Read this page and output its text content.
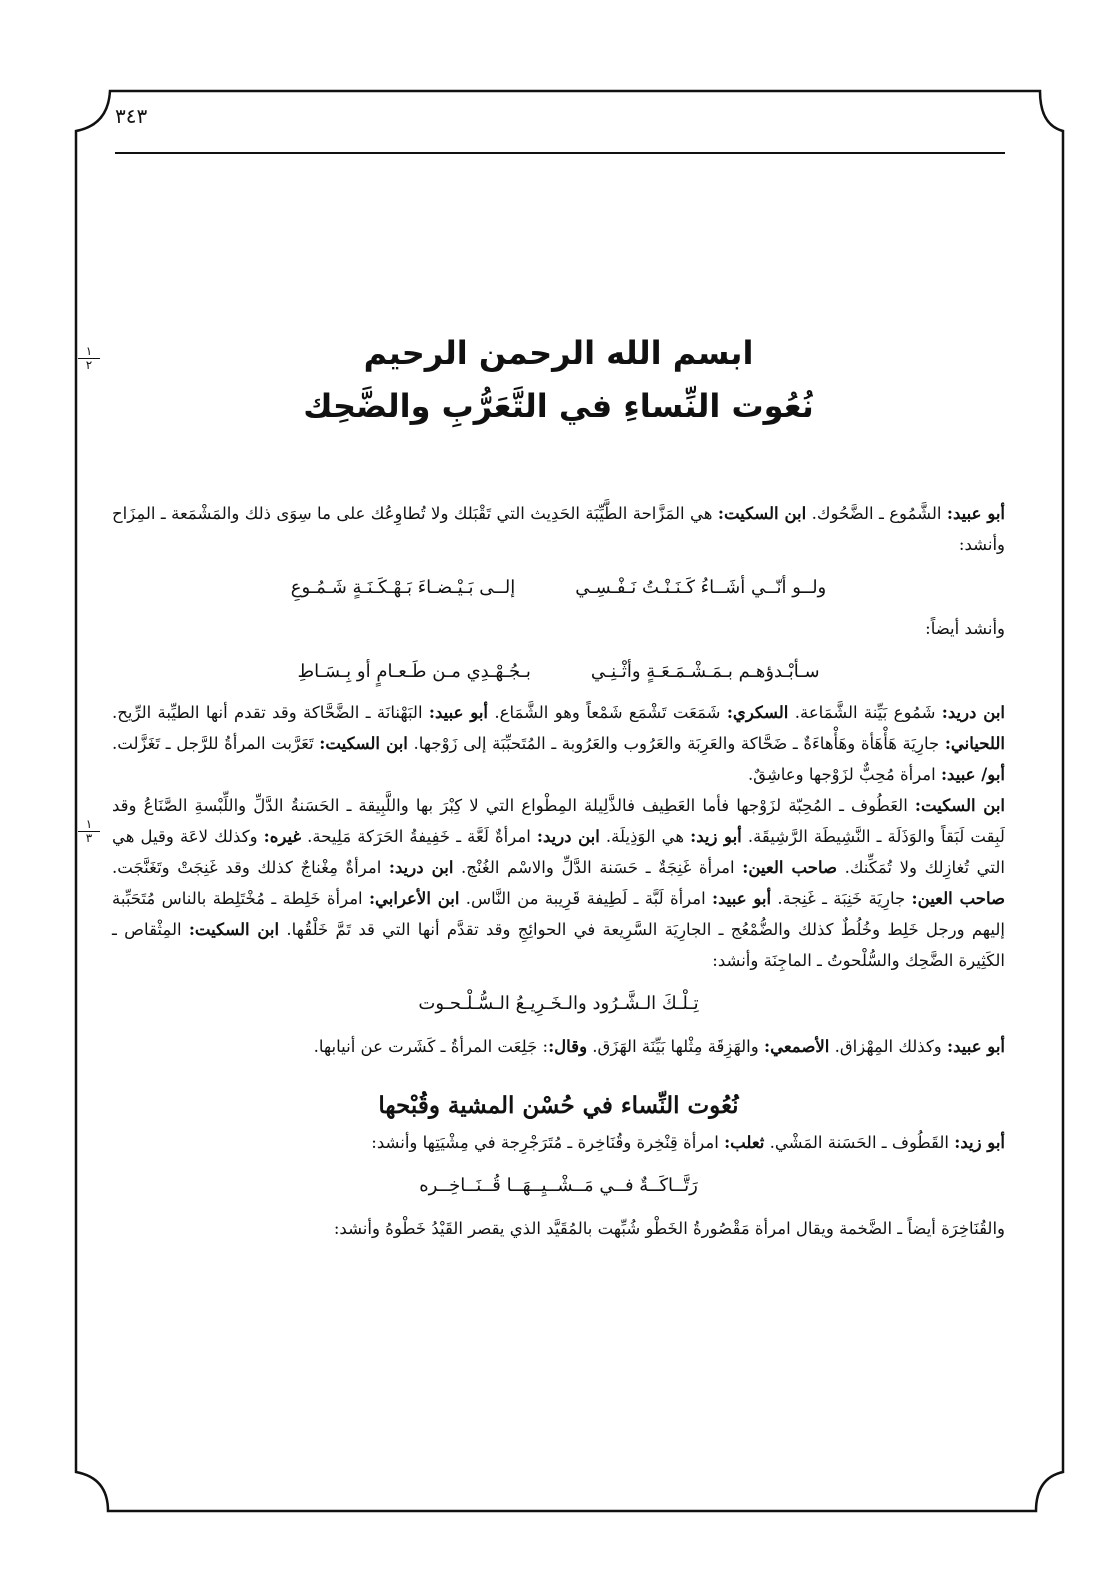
٣٤٣
١
٢
١
٣
ابسم الله الرحمن الرحيم
نُعُوت النِّساءِ في التَّعَرُّبِ والضَّحِك

أبو عبيد: الشَّمُوع ـ الضَّحُوك. ابن السكيت: هي المَزَّاحة الطَّيِّبَة الحَدِيث التي تَقْبَلك ولا تُطاوِعُك على ما سِوَى ذلك والمَشْمَعة ـ المِزَاح وأنشد:

ولــو أنّــي أشَــاءُ كَـنَـنْـتُ نَـفْـسِـي
إلــى بَـيْـضـاءَ بَـهْـكَـنَـةٍ شَـمُـوعِ

وأنشد أيضاً:

سـأبْـدؤهـم بـمَـشْـمَـعَـةٍ وأثْـنِـي
بـجُـهْـدِي مـن طَـعـامٍ أو بِـسَـاطِ

ابن دريد: شَمُوع بَيِّنة الشَّمَاعة. السكري: شَمَعَت تَشْمَع شَمْعاً وهو الشَّمَاع. أبو عبيد: البَهْنانَة ـ الضَّحَّاكة وقد تقدم أنها الطيِّبة الرِّيح. اللحياني: جارِيَة هَأْهَأة وهَأْهاءَةٌ ـ ضَحَّاكة والعَرِبَة والعَرُوب والعَرُوبة ـ المُتَحبِّبَة إلى زَوْجها. ابن السكيت: تَعَرَّبت المرأةُ للرَّجل ـ تَغَزَّلت. أبو/ عبيد: امرأة مُحِبٌّ لزَوْجها وعاشِقٌ.
ابن السكيت: العَطُوف ـ المُحِبّة لزَوْجها فأما العَطِيف فالذَّلِيلة المِطْواع التي لا كِبْرَ بها واللَّبِيقة ـ الحَسَنةُ الدَّلِّ واللِّبْسةِ الصَّنَاعُ وقد لَبِقت لَبَقاً والوَذَلَة ـ النَّشِيطَة الرَّشِيقَة. أبو زيد: هي الوَذِيلَة. ابن دريد: امرأةٌ لَعَّة ـ خَفِيفةُ الحَرَكة مَلِيحة. غيره: وكذلك لاعَة وقيل هي التي تُغازِلك ولا تُمَكِّنك. صاحب العين: امرأة غَنِجَةٌ ـ حَسَنة الدَّلِّ والاسْم الغُنْج. ابن دريد: امرأةٌ مِغْناجٌ كذلك وقد غَنِجَتْ وتَغَنَّجَت. صاحب العين: جارِيَة خَنِبَة ـ غَنِجة. أبو عبيد: امرأة لَبَّة ـ لَطِيفة قَرِيبة من النَّاس. ابن الأعرابي: امرأة خَلِطة ـ مُخْتَلِطة بالناس مُتَحَبِّبة إليهم ورجل خَلِط وخُلُطٌ كذلك والضُّمْعُج ـ الجارِيَة السَّرِيعة في الحوائِجِ وقد تقدَّم أنها التي قد تَمَّ خَلْقُها. ابن السكيت: المِثْقاص ـ الكَثِيرة الضَّحِك والسُّلْحوتُ ـ الماجِنَة وأنشد:

تِـلْـكَ الـشَّـرُود والـخَـرِيـعُ الـسُّـلْـحـوت

أبو عبيد: وكذلك المِهْزاق. الأصمعي: والهَزِقَة مِثْلها بَيِّنَة الهَزَق. وقال:: جَلِعَت المرأةُ ـ كَشَرت عن أنيابها.

نُعُوت النِّساء في حُسْن المشية وقُبْحها

أبو زيد: القَطُوف ـ الحَسَنة المَشْي. ثعلب: امرأة قِنْخِرة وقُنَاخِرة ـ مُتَرَجْرِجة في مِشْيَتِها وأنشد:

رَتَّــاكَــةٌ فــي مَــشْــيِــهَــا قُــنَــاخِــره

والقُنَاخِرَة أيضاً ـ الضَّخمة ويقال امرأة مَقْصُورةُ الخَطْو شُبِّهت بالمُقَيَّد الذي يقصر القَيْدُ خَطْوهُ وأنشد:
